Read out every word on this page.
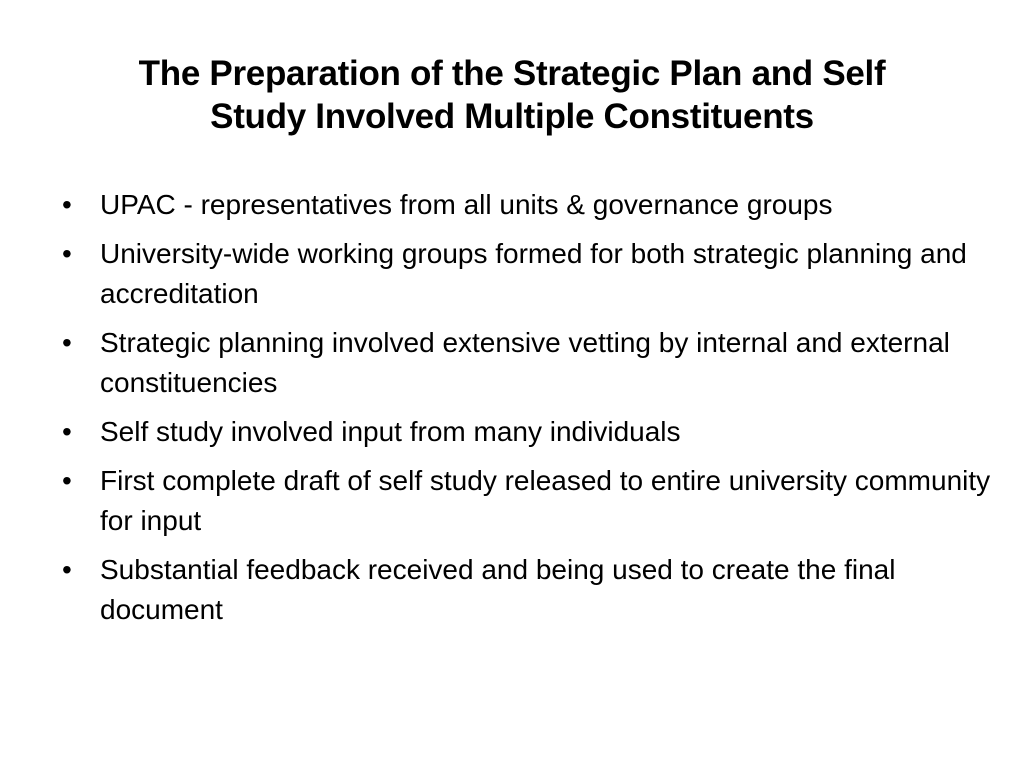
The Preparation of the Strategic Plan and Self
Study Involved Multiple Constituents
• UPAC - representatives from all units & governance groups
• University-wide working groups formed for both strategic planning and accreditation
• Strategic planning involved extensive vetting by internal and external constituencies
• Self study involved input from many individuals
• First complete draft of self study released to entire university community for input
• Substantial feedback received and being used to create the final document
